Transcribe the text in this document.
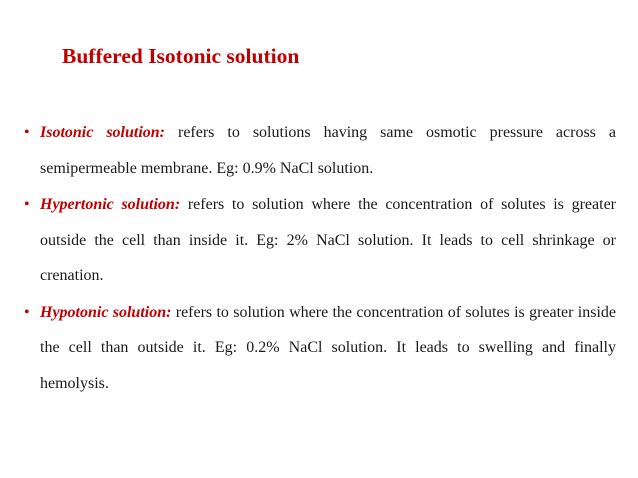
Buffered Isotonic solution
• Isotonic solution: refers to solutions having same osmotic pressure across a semipermeable membrane. Eg: 0.9% NaCl solution.
• Hypertonic solution: refers to solution where the concentration of solutes is greater outside the cell than inside it. Eg: 2% NaCl solution. It leads to cell shrinkage or crenation.
• Hypotonic solution: refers to solution where the concentration of solutes is greater inside the cell than outside it. Eg: 0.2% NaCl solution. It leads to swelling and finally hemolysis.
